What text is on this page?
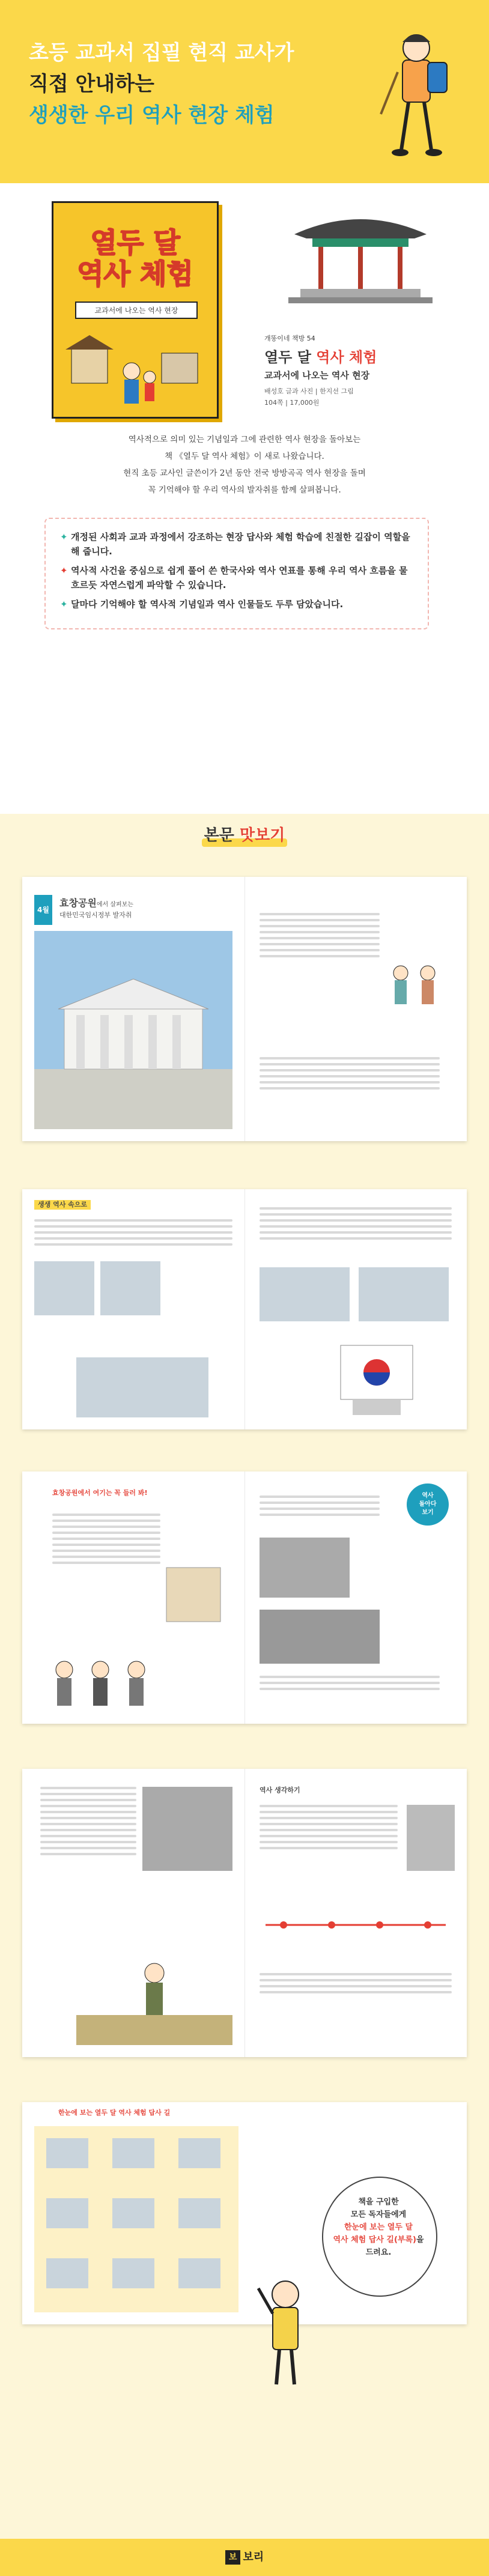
초등 교과서 집필 현직 교사가
직접 안내하는
생생한 우리 역사 현장 체험
열두 달
역사 체험
교과서에 나오는 역사 현장
개똥이네 책방 54
열두 달 역사 체험
교과서에 나오는 역사 현장
배성호 글과 사진 | 한지선 그림
104쪽 | 17,000원

역사적으로 의미 있는 기념일과 그에 관련한 역사 현장을 돌아보는

책 《열두 달 역사 체험》이 새로 나왔습니다.

현직 초등 교사인 글쓴이가 2년 동안 전국 방방곡곡 역사 현장을 돌며

꼭 기억해야 할 우리 역사의 발자취를 함께 살펴봅니다.

✦ 개정된 사회과 교과 과정에서 강조하는 현장 답사와 체험 학습에 친절한 길잡이 역할을 해 줍니다.
✦ 역사적 사건을 중심으로 쉽게 풀어 쓴 한국사와 역사 연표를 통해 우리 역사 흐름을 물 흐르듯 자연스럽게 파악할 수 있습니다.
✦ 달마다 기억해야 할 역사적 기념일과 역사 인물들도 두루 담았습니다.
본문 맛보기
4월
효창공원에서 살펴보는
대한민국임시정부 발자취
생생 역사 속으로
효창공원에서 여기는 꼭 들러 봐!	역사
돌아다
보기
역사 생각하기
한눈에 보는 열두 달 역사 체험 답사 길
책을 구입한
모든 독자들에게
한눈에 보는 열두 달
역사 체험 답사 길(부록)을
드려요.
보 보리
